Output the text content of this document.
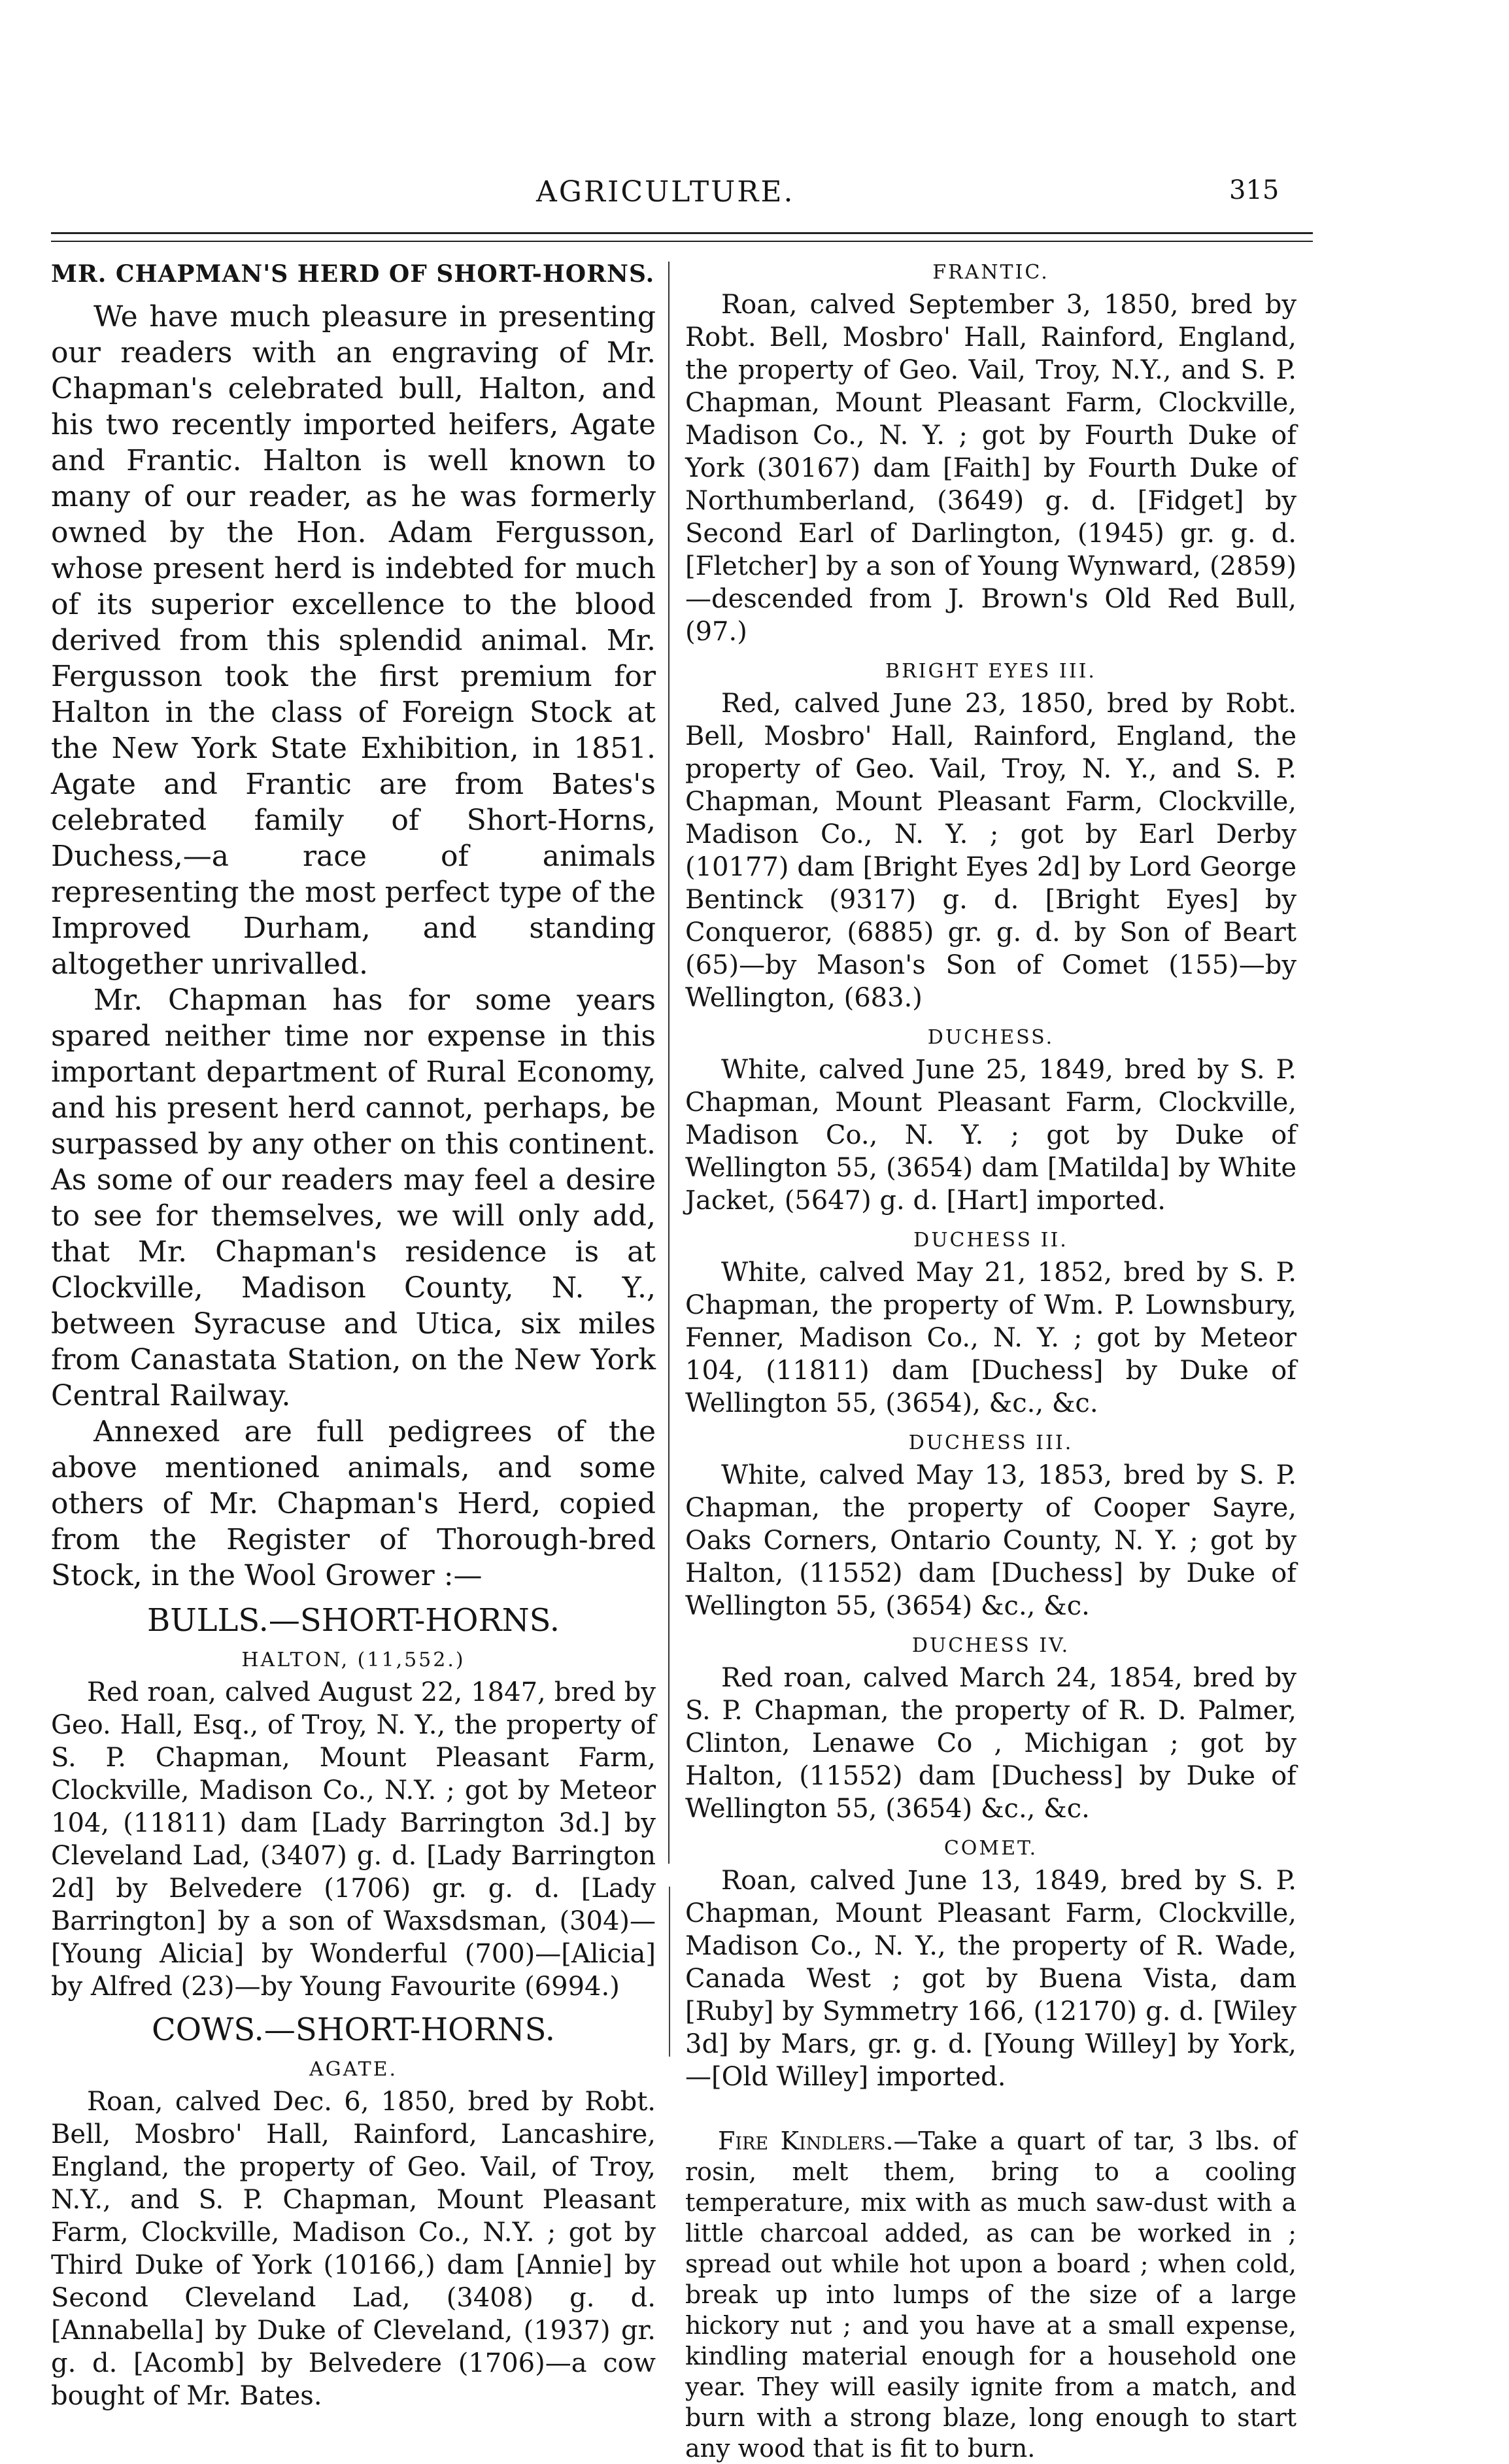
AGRICULTURE.	315
MR. CHAPMAN'S HERD OF SHORT-HORNS.

We have much pleasure in presenting our readers with an engraving of Mr. Chapman's celebrated bull, Halton, and his two recently imported heifers, Agate and Frantic. Halton is well known to many of our reader, as he was formerly owned by the Hon. Adam Fergusson, whose present herd is indebted for much of its superior excellence to the blood derived from this splendid animal. Mr. Fergusson took the first premium for Halton in the class of Foreign Stock at the New York State Exhibition, in 1851. Agate and Frantic are from Bates's celebrated family of Short-Horns, Duchess,—a race of animals representing the most perfect type of the Improved Durham, and standing altogether unrivalled.

Mr. Chapman has for some years spared neither time nor expense in this important department of Rural Economy, and his present herd cannot, perhaps, be surpassed by any other on this continent. As some of our readers may feel a desire to see for themselves, we will only add, that Mr. Chapman's residence is at Clockville, Madison County, N. Y., between Syracuse and Utica, six miles from Canastata Station, on the New York Central Railway.

Annexed are full pedigrees of the above mentioned animals, and some others of Mr. Chapman's Herd, copied from the Register of Thorough-bred Stock, in the Wool Grower :—

BULLS.—SHORT-HORNS.
HALTON, (11,552.)

Red roan, calved August 22, 1847, bred by Geo. Hall, Esq., of Troy, N. Y., the property of S. P. Chapman, Mount Pleasant Farm, Clockville, Madison Co., N.Y. ; got by Meteor 104, (11811) dam [Lady Barrington 3d.] by Cleveland Lad, (3407) g. d. [Lady Barrington 2d] by Belvedere (1706) gr. g. d. [Lady Barrington] by a son of Waxsdsman, (304)—[Young Alicia] by Wonderful (700)—[Alicia] by Alfred (23)—by Young Favourite (6994.)

COWS.—SHORT-HORNS.
AGATE.

Roan, calved Dec. 6, 1850, bred by Robt. Bell, Mosbro' Hall, Rainford, Lancashire, England, the property of Geo. Vail, of Troy, N.Y., and S. P. Chapman, Mount Pleasant Farm, Clockville, Madison Co., N.Y. ; got by Third Duke of York (10166,) dam [Annie] by Second Cleveland Lad, (3408) g. d. [Annabella] by Duke of Cleveland, (1937) gr. g. d. [Acomb] by Belvedere (1706)—a cow bought of Mr. Bates.

FRANTIC.

Roan, calved September 3, 1850, bred by Robt. Bell, Mosbro' Hall, Rainford, England, the property of Geo. Vail, Troy, N.Y., and S. P. Chapman, Mount Pleasant Farm, Clockville, Madison Co., N. Y. ; got by Fourth Duke of York (30167) dam [Faith] by Fourth Duke of Northumberland, (3649) g. d. [Fidget] by Second Earl of Darlington, (1945) gr. g. d. [Fletcher] by a son of Young Wynward, (2859)—descended from J. Brown's Old Red Bull, (97.)

BRIGHT EYES III.

Red, calved June 23, 1850, bred by Robt. Bell, Mosbro' Hall, Rainford, England, the property of Geo. Vail, Troy, N. Y., and S. P. Chapman, Mount Pleasant Farm, Clockville, Madison Co., N. Y. ; got by Earl Derby (10177) dam [Bright Eyes 2d] by Lord George Bentinck (9317) g. d. [Bright Eyes] by Conqueror, (6885) gr. g. d. by Son of Beart (65)—by Mason's Son of Comet (155)—by Wellington, (683.)

DUCHESS.

White, calved June 25, 1849, bred by S. P. Chapman, Mount Pleasant Farm, Clockville, Madison Co., N. Y. ; got by Duke of Wellington 55, (3654) dam [Matilda] by White Jacket, (5647) g. d. [Hart] imported.

DUCHESS II.

White, calved May 21, 1852, bred by S. P. Chapman, the property of Wm. P. Lownsbury, Fenner, Madison Co., N. Y. ; got by Meteor 104, (11811) dam [Duchess] by Duke of Wellington 55, (3654), &c., &c.

DUCHESS III.

White, calved May 13, 1853, bred by S. P. Chapman, the property of Cooper Sayre, Oaks Corners, Ontario County, N. Y. ; got by Halton, (11552) dam [Duchess] by Duke of Wellington 55, (3654) &c., &c.

DUCHESS IV.

Red roan, calved March 24, 1854, bred by S. P. Chapman, the property of R. D. Palmer, Clinton, Lenawe Co , Michigan ; got by Halton, (11552) dam [Duchess] by Duke of Wellington 55, (3654) &c., &c.

COMET.

Roan, calved June 13, 1849, bred by S. P. Chapman, Mount Pleasant Farm, Clockville, Madison Co., N. Y., the property of R. Wade, Canada West ; got by Buena Vista, dam [Ruby] by Symmetry 166, (12170) g. d. [Wiley 3d] by Mars, gr. g. d. [Young Willey] by York,—[Old Willey] imported.

Fire Kindlers.—Take a quart of tar, 3 lbs. of rosin, melt them, bring to a cooling temperature, mix with as much saw-dust with a little charcoal added, as can be worked in ; spread out while hot upon a board ; when cold, break up into lumps of the size of a large hickory nut ; and you have at a small expense, kindling material enough for a household one year. They will easily ignite from a match, and burn with a strong blaze, long enough to start any wood that is fit to burn.
